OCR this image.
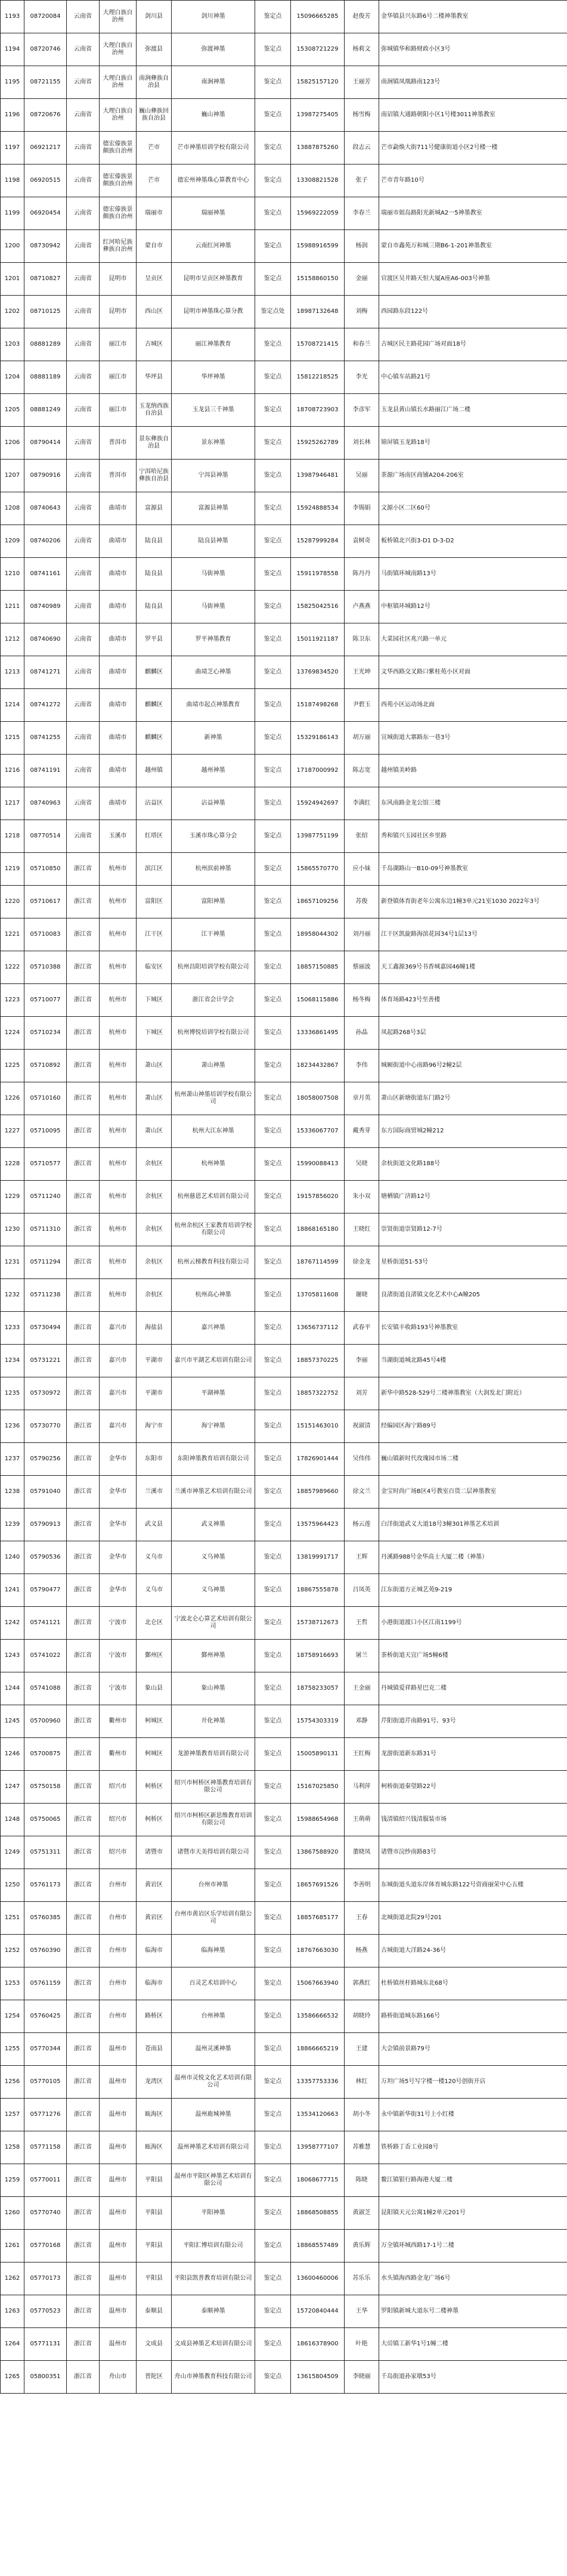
1193	08720084	云南省	大理白族自治州	剑川县	剑川神墨	鉴定点	15096665285	赵俊芳	金华镇县兴东路6号二楼神墨教室
1194	08720746	云南省	大理白族自治州	弥渡县	弥渡神墨	鉴定点	15308721229	杨莉文	弥城镇华和路财政小区3号
1195	08721155	云南省	大理白族自治州	南涧彝族自治县	南涧神墨	鉴定点	15825157120	王丽芳	南涧镇凤凰路南123号
1196	08720676	云南省	大理白族自治州	巍山彝族回族自治县	巍山神墨	鉴定点	13987275405	杨雪梅	南诏镇大通路朝阳小区1号楼3011神墨教室
1197	06921217	云南省	德宏傣族景颇族自治州	芒市	芒市神墨培训学校有限公司	鉴定点	13887875260	段志云	芒市勐焕大街711号健康街道小区2号楼一楼
1198	06920515	云南省	德宏傣族景颇族自治州	芒市	德宏州神墨珠心算教育中心	鉴定点	13308821528	张子	芒市青年路10号
1199	06920454	云南省	德宏傣族景颇族自治州	瑞丽市	瑞丽神墨	鉴定点	15969222059	李春兰	瑞丽市姐岛路阳光新城A2一5神墨教室
1200	08730942	云南省	红河哈尼族彝族自治州	蒙自市	云南红河神墨	鉴定点	15988916599	杨润	蒙自市鑫苑万和城三期B6-1-201神墨教室
1201	08710827	云南省	昆明市	呈贡区	昆明市呈贡区神墨教育	鉴定点	15158860150	金丽	官渡区吴井路天恒大厦A座A6-003号神墨
1202	08710125	云南省	昆明市	西山区	昆明市神墨珠心算分教	鉴定点处	18987132648	刘梅	西园路东段122号
1203	08881289	云南省	丽江市	古城区	丽江神墨教育	鉴定点	15708721415	和春兰	古城区民主路花园广场对面18号
1204	08881189	云南省	丽江市	华坪县	华坪神墨	鉴定点	15812218525	李光	中心镇车站路21号
1205	08881249	云南省	丽江市	玉龙纳西族自治县	玉龙县三千神墨	鉴定点	18708723903	李彦军	玉龙县黄山镇长水路丽江广场二楼
1206	08790414	云南省	普洱市	景东彝族自治县	景东神墨	鉴定点	15925262789	刘长林	锦屏镇玉龙路18号
1207	08790916	云南省	普洱市	宁洱哈尼族彝族自治县	宁洱县神墨	鉴定点	13987946481	吴丽	茶源广场南区商铺A204-206室
1208	08740643	云南省	曲靖市	富源县	富源县神墨	鉴定点	15924888534	李锡娟	文源小区二区60号
1209	08740206	云南省	曲靖市	陆良县	陆良县神墨	鉴定点	15287999284	袁树奇	板桥镇北兴街3-D1 D-3-D2
1210	08741161	云南省	曲靖市	陆良县	马街神墨	鉴定点	15911978558	陈丹丹	马街镇环城南路13号
1211	08740989	云南省	曲靖市	陆良县	马街神墨	鉴定点	15825042516	卢燕燕	中枢镇环城路12号
1212	08740690	云南省	曲靖市	罗平县	罗平神墨教育	鉴定点	15011921187	陈卫东	大菜园社区兆兴路一单元
1213	08741271	云南省	曲靖市	麒麟区	曲靖芝心神墨	鉴定点	13769834520	王光坤	文华西路交叉路口紫桂苑小区对面
1214	08741272	云南省	曲靖市	麒麟区	曲靖市起点神墨教育	鉴定点	15187498268	尹碧玉	西苑小区运动场北面
1215	08741255	云南省	曲靖市	麒麟区	新神墨	鉴定点	15329186143	胡万丽	宣城街道大寨路东一巷3号
1216	08741191	云南省	曲靖市	越州镇	越州神墨	鉴定点	17187000992	陈志宽	越州镇美岭路
1217	08740963	云南省	曲靖市	沾益区	沾益神墨	鉴定点	15924942697	李满红	东风南路金龙公馆三楼
1218	08770514	云南省	玉溪市	红塔区	玉溪市珠心算分会	鉴定点	13987751199	张绍	秀和镇兴玉园社区乡里路
1219	05710850	浙江省	杭州市	滨江区	杭州滨前神墨	鉴定点	15865570770	应小妹	千岛湖路山一B10-09号神墨教室
1220	05710617	浙江省	杭州市	富阳区	富阳神墨	鉴定点	18657109256	苏俊	新登镇体育街老年公寓东边1幢3单元21室1030 2022年3号
1221	05710083	浙江省	杭州市	江干区	江干神墨	鉴定点	18958044302	刘丹丽	江干区凯旋路海滨花园34号1层13号
1222	05710388	浙江省	杭州市	临安区	杭州昌阳培训学校有限公司	鉴定点	18857150885	蔡丽波	天工鑫源369号书香城嘉园46幢1楼
1223	05710077	浙江省	杭州市	下城区	浙江省会计学会	鉴定点	15068115886	杨冬梅	体育场路423号至善楼
1224	05710234	浙江省	杭州市	下城区	杭州博悦培训学校有限公司	鉴定点	13336861495	孙晶	凤起路268号3层
1225	05710892	浙江省	杭州市	萧山区	萧山神墨	鉴定点	18234432867	李伟	城厢街道中心南路96号2幢2层
1226	05710160	浙江省	杭州市	萧山区	杭州萧山神墨培训学校有限公司	鉴定点	18058007508	章月英	萧山区新塘街道东门路2号
1227	05710095	浙江省	杭州市	萧山区	杭州大江东神墨	鉴定点	15336067707	戴秀芽	东方国际商贸城2幢212
1228	05710577	浙江省	杭州市	余杭区	杭州神墨	鉴定点	15990088413	吴晓	余杭街道文化路188号
1229	05711240	浙江省	杭州市	余杭区	杭州慈恩艺术培训有限公司	鉴定点	19157856020	朱小双	塘栖镇广济路12号
1230	05711310	浙江省	杭州市	余杭区	杭州余杭区王家教育培训学校有限公司	鉴定点	18868165180	王晓红	崇贤街道崇贤路12-7号
1231	05711294	浙江省	杭州市	余杭区	杭州云梯教育科技有限公司	鉴定点	18767114599	徐金龙	星桥街道51-53号
1232	05711238	浙江省	杭州市	余杭区	杭州高心神墨	鉴定点	13705811608	谢晓	良渚街道良渚镇文化艺术中心A幢205
1233	05730494	浙江省	嘉兴市	海盐县	嘉兴神墨	鉴定点	13656737112	武春平	长安镇丰收路193号神墨教室
1234	05731221	浙江省	嘉兴市	平湖市	嘉兴市平湖艺术培训有限公司	鉴定点	18857370225	李丽	当湖街道城北路45号4楼
1235	05730972	浙江省	嘉兴市	平湖市	平湖神墨	鉴定点	18857322752	刘芳	新华中路528-529号二楼神墨教室（大润发北门附近）
1236	05730770	浙江省	嘉兴市	海宁市	海宁神墨	鉴定点	15151463010	祝淑清	经编园区海宁路89号
1237	05790256	浙江省	金华市	东阳市	东阳神墨教育培训有限公司	鉴定点	17826901444	吴伟伟	巍山镇新时代玫瑰园市场二楼
1238	05791040	浙江省	金华市	兰溪市	兰溪市神墨艺术培训有限公司	鉴定点	18857989660	徐文兰	金宝时尚广场B区4号教室百货二层神墨教室
1239	05790913	浙江省	金华市	武义县	武义神墨	鉴定点	13575964423	杨云莲	白洋街道武义大道18号3幢301神墨艺术培训
1240	05790536	浙江省	金华市	义乌市	义乌神墨	鉴定点	13819991717	王辉	丹溪路988号金华高士大厦二楼（神墨）
1241	05790477	浙江省	金华市	义乌市	义乌神墨	鉴定点	18867555878	吕凤英	江东街道方正城艺苑9-219
1242	05741121	浙江省	宁波市	北仑区	宁波北仑心算艺术培训有限公司	鉴定点	15738712673	王哲	小港街道渡口小区江南1199号
1243	05741022	浙江省	宁波市	鄞州区	鄞州神墨	鉴定点	18758916693	屠兰	茶桥街道天宜广场5幢6楼
1244	05741088	浙江省	宁波市	象山县	象山神墨	鉴定点	18758233057	王金丽	丹城镇爱祥路星巴克二楼
1245	05700960	浙江省	衢州市	柯城区	开化神墨	鉴定点	15754303319	邓静	芹阳街道芹南路91号、93号
1246	05700875	浙江省	衢州市	柯城区	龙游神墨教育培训有限公司	鉴定点	15005890131	王红梅	龙游街道新东路31号
1247	05750158	浙江省	绍兴市	柯桥区	绍兴市柯桥区神墨教育培训有限公司	鉴定点	15167025850	马利萍	柯桥街道秦望路22号
1248	05750065	浙江省	绍兴市	柯桥区	绍兴市柯桥区新思维教育培训有限公司	鉴定点	15988654968	王萌萌	钱清镇绍兴钱清服装市场
1249	05751311	浙江省	绍兴市	诸暨市	诸暨市天美得培训有限公司	鉴定点	13867588920	董晓凤	诸暨市浣纱南路83号
1250	05761173	浙江省	台州市	黄岩区	台州市神墨	鉴定点	18657691526	李善明	东城街道头道东岸体育城东路122号资商丽荣中心五楼
1251	05760385	浙江省	台州市	黄岩区	台州市黄岩区乐学培训有限公司	鉴定点	18857685177	王春	北城街道北院29号201
1252	05760390	浙江省	台州市	临海市	临海神墨	鉴定点	18767663030	杨燕	古城街道大洋路24-36号
1253	05761159	浙江省	台州市	临海市	百灵艺术培训中心	鉴定点	15067663940	郭燕红	杜桥镇丝杆路城东北68号
1254	05760425	浙江省	台州市	路桥区	台州神墨	鉴定点	13586666532	胡晓玲	路桥街道城东路166号
1255	05770344	浙江省	温州市	苍南县	温州灵溪神墨	鉴定点	18866665219	王建	大会镇前景路79号
1256	05770105	浙江省	温州市	龙湾区	温州市灵悦文化艺术培训有限公司	鉴定点	13357753336	林红	万坦广场5号写字楼一楼120号创街开店
1257	05771276	浙江省	温州市	瓯海区	温州鹿城神墨	鉴定点	13534120663	胡小冬	永中镇新华街31号上小红楼
1258	05771158	浙江省	温州市	瓯海区	温州神墨艺术培训有限公司	鉴定点	13958777107	苏雅慧	铁桥路丁岙工业园8号
1259	05770011	浙江省	温州市	平阳县	温州市平阳区神墨艺术培训有限公司	鉴定点	18068677715	陈晓	鳌江镇银行路海港大厦二楼
1260	05770740	浙江省	温州市	平阳县	平阳神墨	鉴定点	18868508855	黄淑芝	昆阳镇天元公寓1幢2单元201号
1261	05770168	浙江省	温州市	平阳县	平阳汇博培训有限公司	鉴定点	18868557489	黄乐辉	万全镇环城西路17-1号二楼
1262	05770173	浙江省	温州市	平阳县	平阳县凯普教育培训有限公司	鉴定点	13600460006	苏乐乐	水头镇海西路金龙广场6号
1263	05770523	浙江省	温州市	泰顺县	泰顺神墨	鉴定点	15720840444	王华	罗阳镇新城大道东号二楼神墨
1264	05771131	浙江省	温州市	文成县	文成县神墨艺术培训有限公司	鉴定点	18616378900	叶艳	大峃镇工新华1号1幢二楼
1265	05800351	浙江省	舟山市	普陀区	舟山市神墨教育科技有限公司	鉴定点	13615804509	李晓丽	千岛街道孙家墩53号
